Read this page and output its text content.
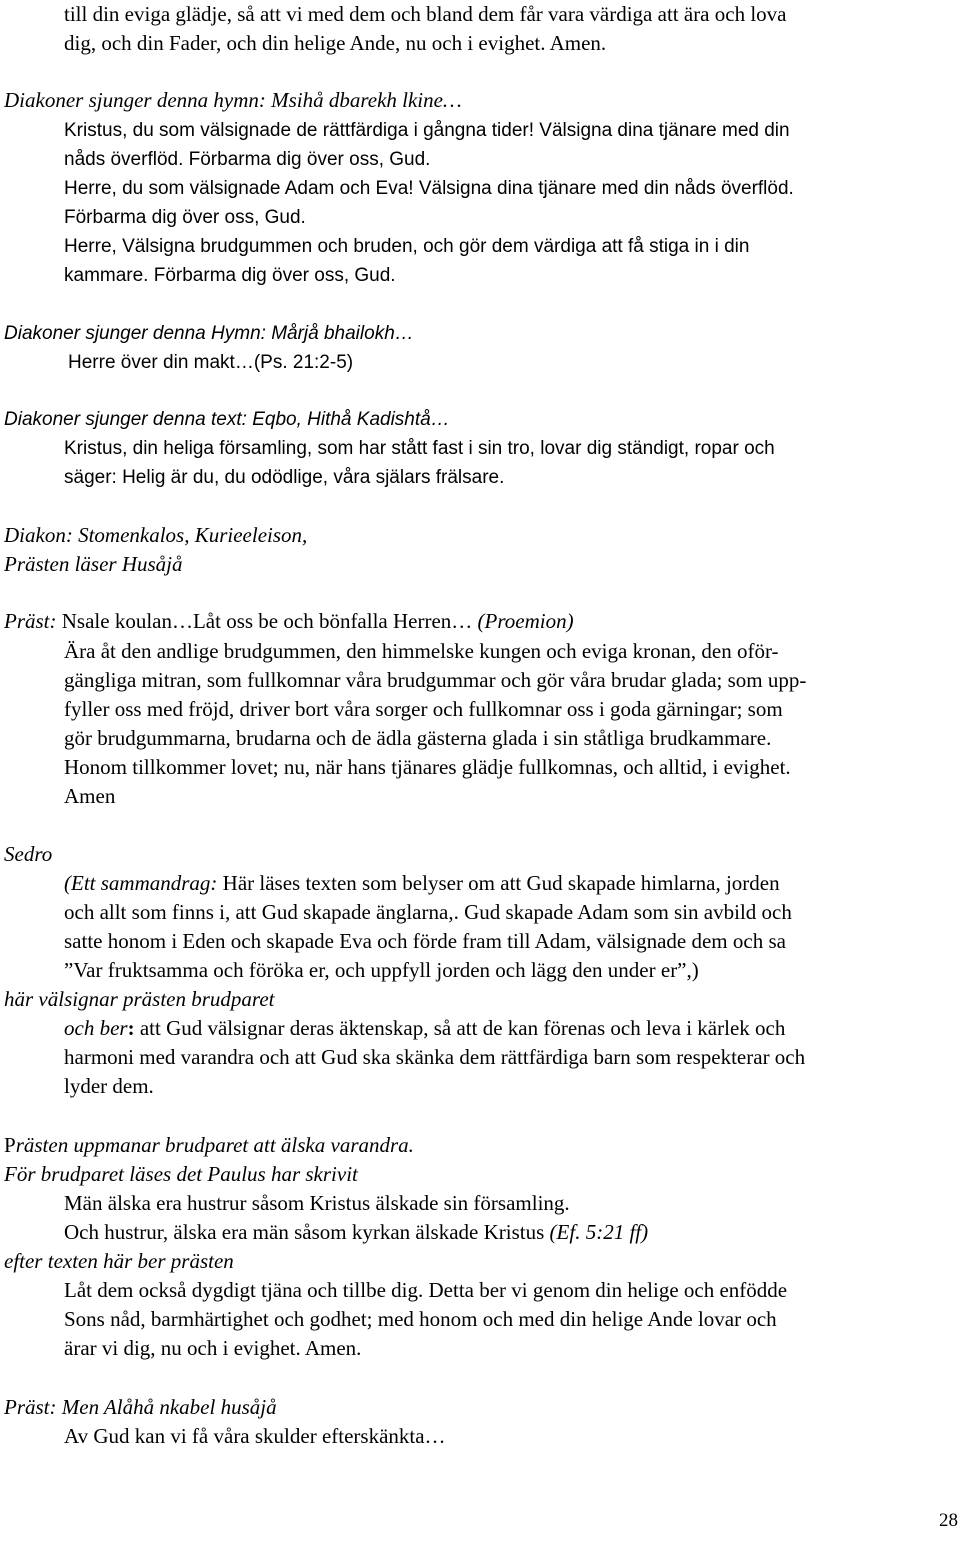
till din eviga glädje, så att vi med dem och bland dem får vara värdiga att ära och lova
dig, och din Fader, och din helige Ande, nu och i evighet. Amen.
Diakoner sjunger denna hymn: Msihå dbarekh lkine…
Kristus, du som välsignade de rättfärdiga i gångna tider! Välsigna dina tjänare med din
nåds överflöd. Förbarma dig över oss, Gud.
Herre, du som välsignade Adam och Eva! Välsigna dina tjänare med din nåds överflöd.
Förbarma dig över oss, Gud.
Herre, Välsigna brudgummen och bruden, och gör dem värdiga att få stiga in i din
kammare. Förbarma dig över oss, Gud.
Diakoner sjunger denna Hymn: Mårjå bhailokh…
Herre över din makt…(Ps. 21:2-5)
Diakoner sjunger denna text: Eqbo, Hithå Kadishtå…
Kristus, din heliga församling, som har stått fast i sin tro, lovar dig ständigt, ropar och
säger: Helig är du, du odödlige, våra själars frälsare.
Diakon: Stomenkalos, Kurieeleison,
Prästen läser Husåjå
Präst: Nsale koulan…Låt oss be och bönfalla Herren… (Proemion)
Ära åt den andlige brudgummen, den himmelske kungen och eviga kronan, den oför-
gängliga mitran, som fullkomnar våra brudgummar och gör våra brudar glada; som upp-
fyller oss med fröjd, driver bort våra sorger och fullkomnar oss i goda gärningar; som
gör brudgummarna, brudarna och de ädla gästerna glada i sin ståtliga brudkammare.
Honom tillkommer lovet; nu, när hans tjänares glädje fullkomnas, och alltid, i evighet.
Amen
Sedro
(Ett sammandrag: Här läses texten som belyser om att Gud skapade himlarna, jorden
och allt som finns i, att Gud skapade änglarna,. Gud skapade Adam som sin avbild och
satte honom i Eden och skapade Eva och förde fram till Adam, välsignade dem och sa
”Var fruktsamma och föröka er, och uppfyll jorden och lägg den under er”,)
här välsignar prästen brudparet
och ber: att Gud välsignar deras äktenskap, så att de kan förenas och leva i kärlek och
harmoni med varandra och att Gud ska skänka dem rättfärdiga barn som respekterar och
lyder dem.
Prästen uppmanar brudparet att älska varandra.
För brudparet läses det Paulus har skrivit
Män älska era hustrur såsom Kristus älskade sin församling.
Och hustrur, älska era män såsom kyrkan älskade Kristus (Ef. 5:21 ff)
efter texten här ber prästen
Låt dem också dygdigt tjäna och tillbe dig. Detta ber vi genom din helige och enfödde
Sons nåd, barmhärtighet och godhet; med honom och med din helige Ande lovar och
ärar vi dig, nu och i evighet. Amen.
Präst: Men Alåhå nkabel husåjå
Av Gud kan vi få våra skulder efterskänkta…
28
